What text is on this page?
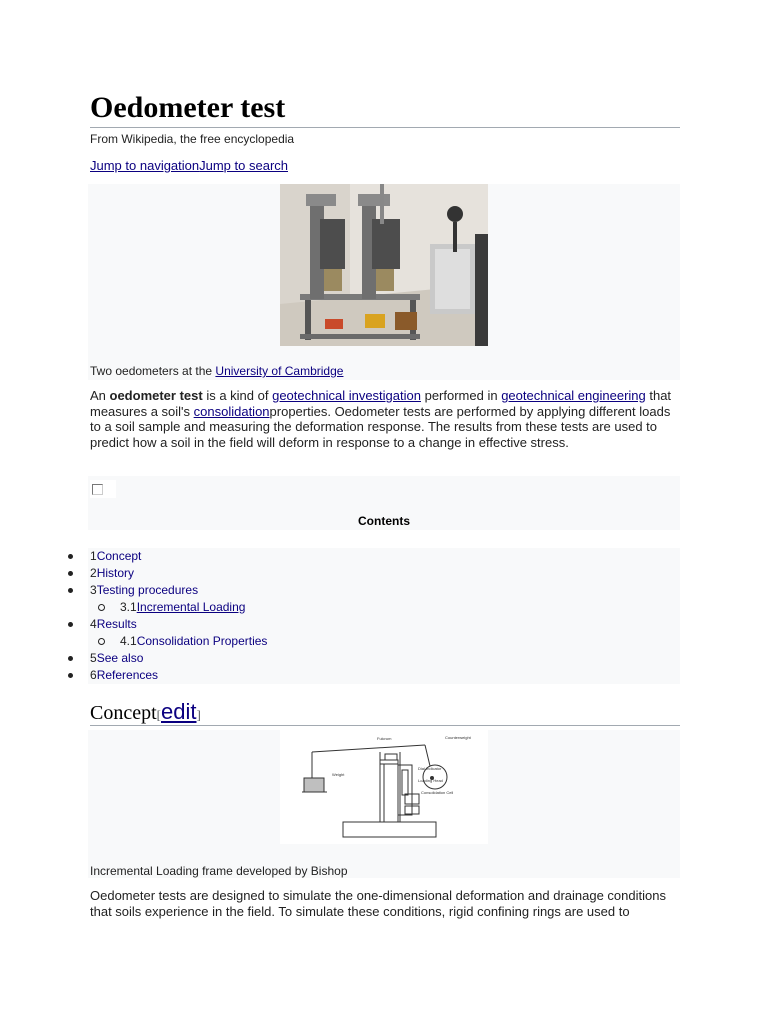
Oedometer test
From Wikipedia, the free encyclopedia
Jump to navigationJump to search
Two oedometers at the University of Cambridge
An oedometer test is a kind of geotechnical investigation performed in geotechnical engineering that measures a soil's consolidationproperties. Oedometer tests are performed by applying different loads to a soil sample and measuring the deformation response. The results from these tests are used to predict how a soil in the field will deform in response to a change in effective stress.
Contents
1Concept
2History
3Testing procedures
3.1Incremental Loading
4Results
4.1Consolidation Properties
5See also
6References
Concept[edit]
Fulcrum	Counterweight
Dial Indicator
Loading Head
Weight
Consolidation Cell
Incremental Loading frame developed by Bishop
Oedometer tests are designed to simulate the one-dimensional deformation and drainage conditions that soils experience in the field. To simulate these conditions, rigid confining rings are used to
